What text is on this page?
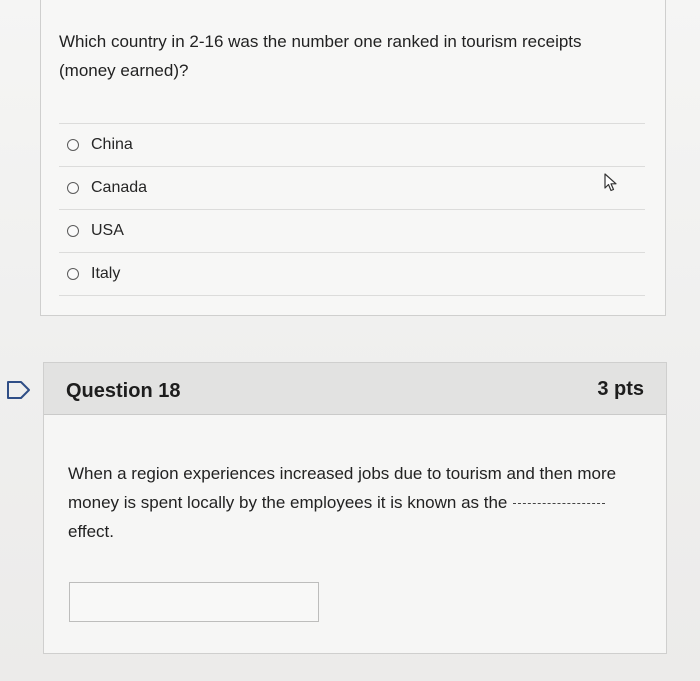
Which country in 2-16 was the number one ranked in tourism receipts (money earned)?
China
Canada
USA
Italy
Question 18	3 pts
When a region experiences increased jobs due to tourism and then more money is spent locally by the employees it is known as the
effect.
